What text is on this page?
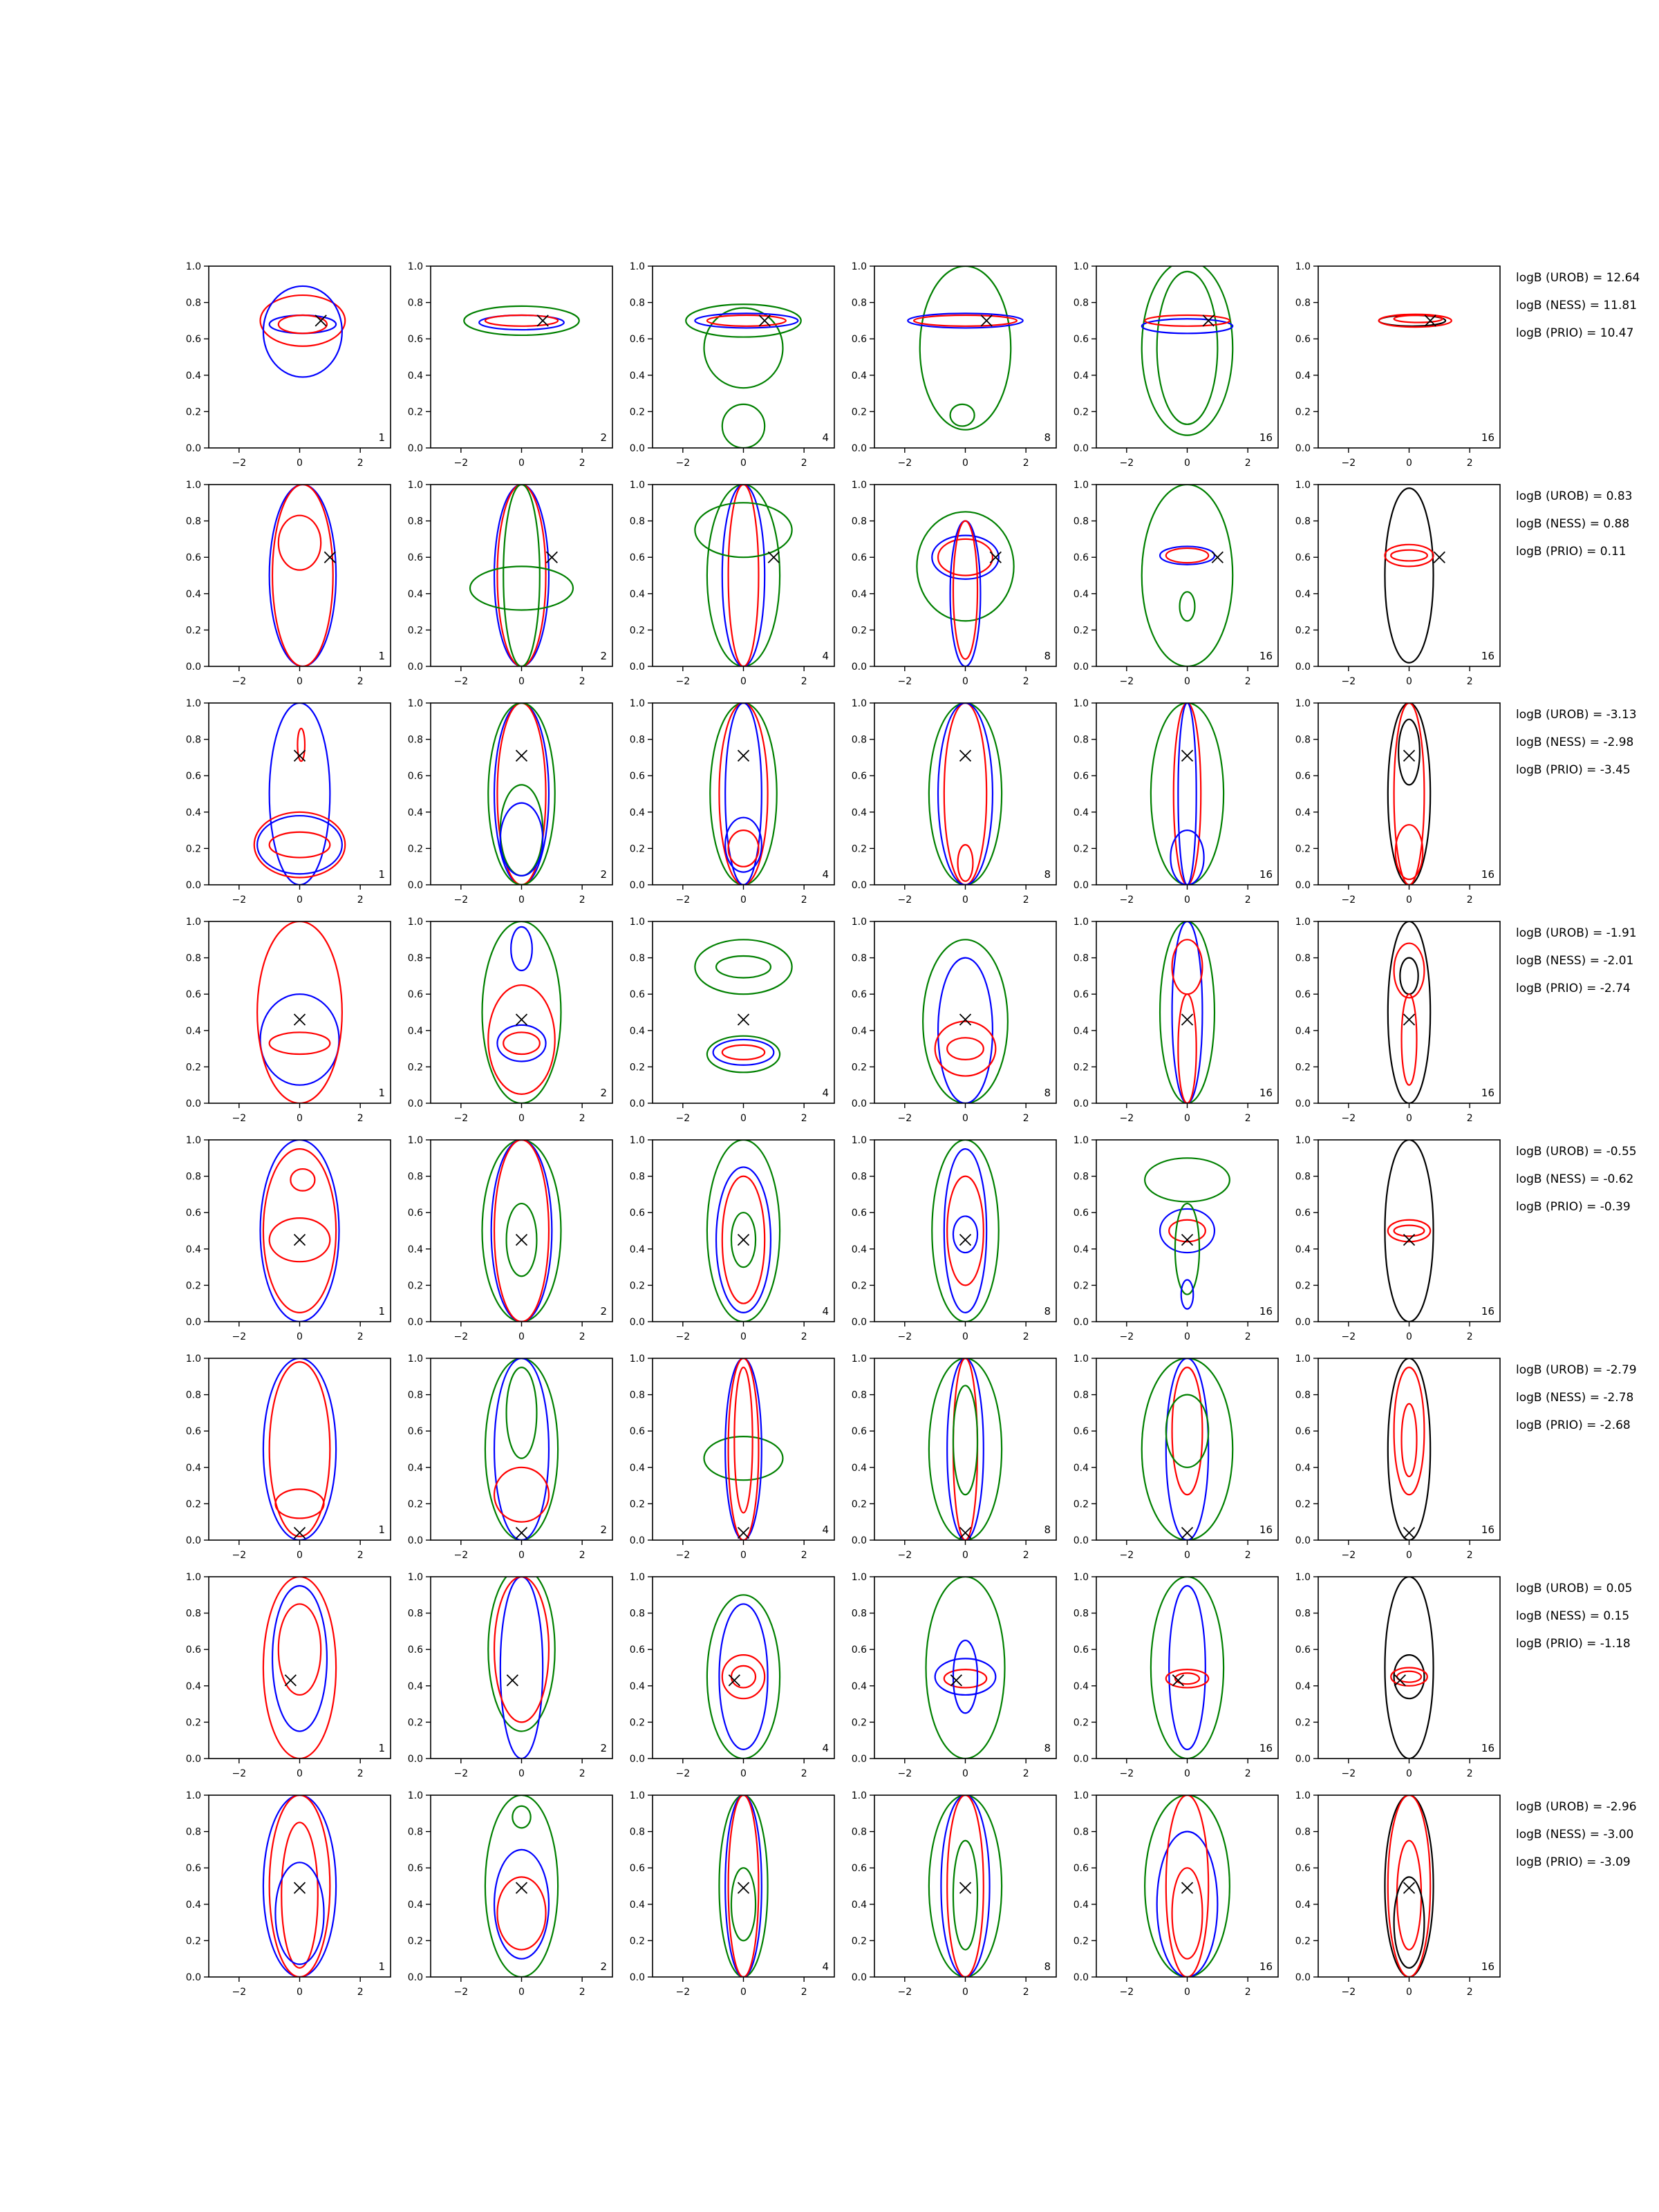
−2	0	2
0.0
0.2
0.4
0.6
0.8
1.0
1
−2	0	2
0.0
0.2
0.4
0.6
0.8
1.0
2
−2	0	2
0.0
0.2
0.4
0.6
0.8
1.0
4
−2	0	2
0.0
0.2
0.4
0.6
0.8
1.0
8
−2	0	2
0.0
0.2
0.4
0.6
0.8
1.0
16
−2	0	2
0.0
0.2
0.4
0.6
0.8
1.0
16
logB (UROB) = 12.64
logB (NESS) = 11.81
logB (PRIO) = 10.47
−2	0	2
0.0
0.2
0.4
0.6
0.8
1.0
1
−2	0	2
0.0
0.2
0.4
0.6
0.8
1.0
2
−2	0	2
0.0
0.2
0.4
0.6
0.8
1.0
4
−2	0	2
0.0
0.2
0.4
0.6
0.8
1.0
8
−2	0	2
0.0
0.2
0.4
0.6
0.8
1.0
16
−2	0	2
0.0
0.2
0.4
0.6
0.8
1.0
16
logB (UROB) = 0.83
logB (NESS) = 0.88
logB (PRIO) = 0.11
−2	0	2
0.0
0.2
0.4
0.6
0.8
1.0
1
−2	0	2
0.0
0.2
0.4
0.6
0.8
1.0
2
−2	0	2
0.0
0.2
0.4
0.6
0.8
1.0
4
−2	0	2
0.0
0.2
0.4
0.6
0.8
1.0
8
−2	0	2
0.0
0.2
0.4
0.6
0.8
1.0
16
−2	0	2
0.0
0.2
0.4
0.6
0.8
1.0
16
logB (UROB) = -3.13
logB (NESS) = -2.98
logB (PRIO) = -3.45
−2	0	2
0.0
0.2
0.4
0.6
0.8
1.0
1
−2	0	2
0.0
0.2
0.4
0.6
0.8
1.0
2
−2	0	2
0.0
0.2
0.4
0.6
0.8
1.0
4
−2	0	2
0.0
0.2
0.4
0.6
0.8
1.0
8
−2	0	2
0.0
0.2
0.4
0.6
0.8
1.0
16
−2	0	2
0.0
0.2
0.4
0.6
0.8
1.0
16
logB (UROB) = -1.91
logB (NESS) = -2.01
logB (PRIO) = -2.74
−2	0	2
0.0
0.2
0.4
0.6
0.8
1.0
1
−2	0	2
0.0
0.2
0.4
0.6
0.8
1.0
2
−2	0	2
0.0
0.2
0.4
0.6
0.8
1.0
4
−2	0	2
0.0
0.2
0.4
0.6
0.8
1.0
8
−2	0	2
0.0
0.2
0.4
0.6
0.8
1.0
16
−2	0	2
0.0
0.2
0.4
0.6
0.8
1.0
16
logB (UROB) = -0.55
logB (NESS) = -0.62
logB (PRIO) = -0.39
−2	0	2
0.0
0.2
0.4
0.6
0.8
1.0
1
−2	0	2
0.0
0.2
0.4
0.6
0.8
1.0
2
−2	0	2
0.0
0.2
0.4
0.6
0.8
1.0
4
−2	0	2
0.0
0.2
0.4
0.6
0.8
1.0
8
−2	0	2
0.0
0.2
0.4
0.6
0.8
1.0
16
−2	0	2
0.0
0.2
0.4
0.6
0.8
1.0
16
logB (UROB) = -2.79
logB (NESS) = -2.78
logB (PRIO) = -2.68
−2	0	2
0.0
0.2
0.4
0.6
0.8
1.0
1
−2	0	2
0.0
0.2
0.4
0.6
0.8
1.0
2
−2	0	2
0.0
0.2
0.4
0.6
0.8
1.0
4
−2	0	2
0.0
0.2
0.4
0.6
0.8
1.0
8
−2	0	2
0.0
0.2
0.4
0.6
0.8
1.0
16
−2	0	2
0.0
0.2
0.4
0.6
0.8
1.0
16
logB (UROB) = 0.05
logB (NESS) = 0.15
logB (PRIO) = -1.18
−2	0	2
0.0
0.2
0.4
0.6
0.8
1.0
1
−2	0	2
0.0
0.2
0.4
0.6
0.8
1.0
2
−2	0	2
0.0
0.2
0.4
0.6
0.8
1.0
4
−2	0	2
0.0
0.2
0.4
0.6
0.8
1.0
8
−2	0	2
0.0
0.2
0.4
0.6
0.8
1.0
16
−2	0	2
0.0
0.2
0.4
0.6
0.8
1.0
16
logB (UROB) = -2.96
logB (NESS) = -3.00
logB (PRIO) = -3.09
